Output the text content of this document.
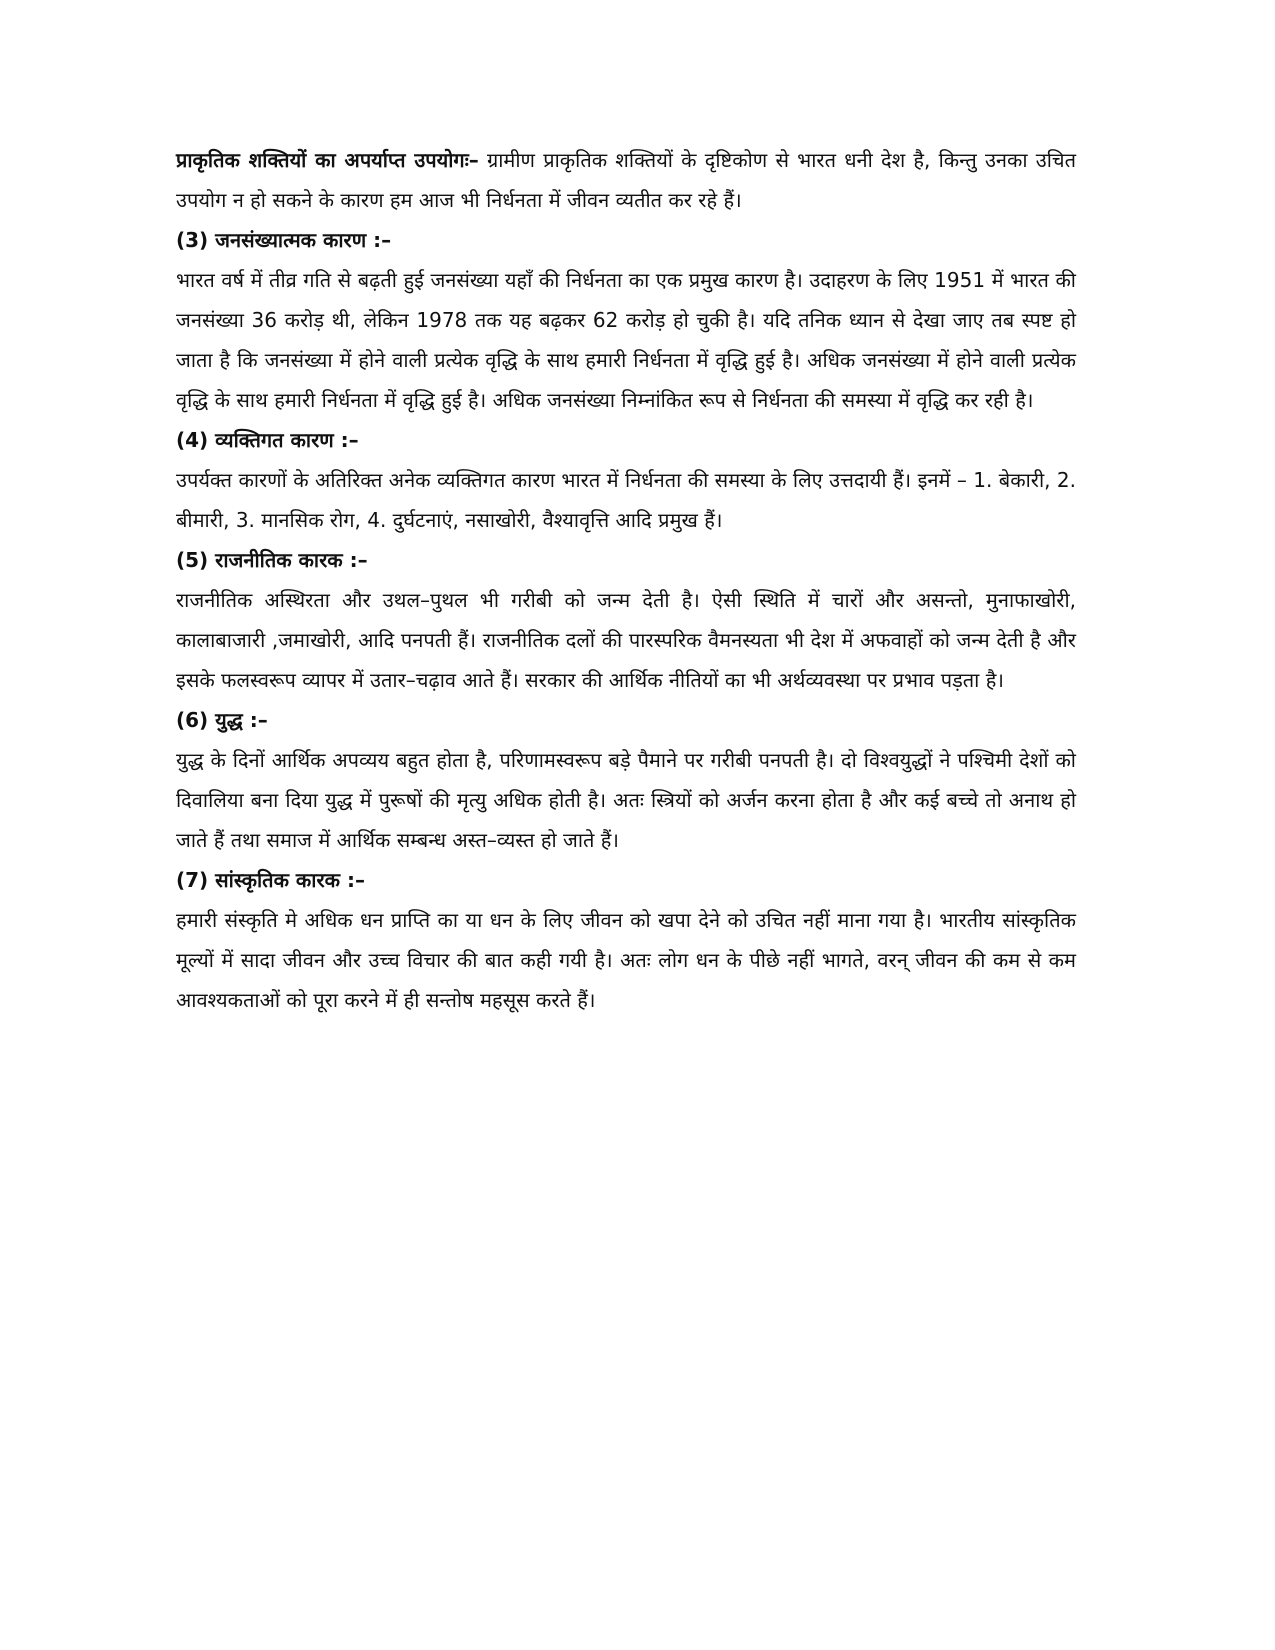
प्राकृतिक शक्तियों का अपर्याप्त उपयोगः– ग्रामीण प्राकृतिक शक्तियों के दृष्टिकोण से भारत धनी देश है, किन्तु उनका उचित उपयोग न हो सकने के कारण हम आज भी निर्धनता में जीवन व्यतीत कर रहे हैं।

(3) जनसंख्यात्मक कारण :–

भारत वर्ष में तीव्र गति से बढ़ती हुई जनसंख्या यहाँ की निर्धनता का एक प्रमुख कारण है। उदाहरण के लिए 1951 में भारत की जनसंख्या 36 करोड़ थी, लेकिन 1978 तक यह बढ़कर 62 करोड़ हो चुकी है। यदि तनिक ध्यान से देखा जाए तब स्पष्ट हो जाता है कि जनसंख्या में होने वाली प्रत्येक वृद्धि के साथ हमारी निर्धनता में वृद्धि हुई है। अधिक जनसंख्या में होने वाली प्रत्येक वृद्धि के साथ हमारी निर्धनता में वृद्धि हुई है। अधिक जनसंख्या निम्नांकित रूप से निर्धनता की समस्या में वृद्धि कर रही है।

(4) व्यक्तिगत कारण :–

उपर्यक्त कारणों के अतिरिक्त अनेक व्यक्तिगत कारण भारत में निर्धनता की समस्या के लिए उत्तदायी हैं। इनमें – 1. बेकारी, 2. बीमारी, 3. मानसिक रोग, 4. दुर्घटनाएं, नसाखोरी, वैश्यावृत्ति आदि प्रमुख हैं।

(5) राजनीतिक कारक :–

राजनीतिक अस्थिरता और उथल–पुथल भी गरीबी को जन्म देती है। ऐसी स्थिति में चारों और असन्तो, मुनाफाखोरी, कालाबाजारी ,जमाखोरी, आदि पनपती हैं। राजनीतिक दलों की पारस्परिक वैमनस्यता भी देश में अफवाहों को जन्म देती है और इसके फलस्वरूप व्यापर में उतार–चढ़ाव आते हैं। सरकार की आर्थिक नीतियों का भी अर्थव्यवस्था पर प्रभाव पड़ता है।

(6) युद्ध :–

युद्ध के दिनों आर्थिक अपव्यय बहुत होता है, परिणामस्वरूप बड़े पैमाने पर गरीबी पनपती है। दो विश्वयुद्धों ने पश्चिमी देशों को दिवालिया बना दिया युद्ध में पुरूषों की मृत्यु अधिक होती है। अतः स्त्रियों को अर्जन करना होता है और कई बच्चे तो अनाथ हो जाते हैं तथा समाज में आर्थिक सम्बन्ध अस्त–व्यस्त हो जाते हैं।

(7) सांस्कृतिक कारक :–

हमारी संस्कृति मे अधिक धन प्राप्ति का या धन के लिए जीवन को खपा देने को उचित नहीं माना गया है। भारतीय सांस्कृतिक मूल्यों में सादा जीवन और उच्च विचार की बात कही गयी है। अतः लोग धन के पीछे नहीं भागते, वरन् जीवन की कम से कम आवश्यकताओं को पूरा करने में ही सन्तोष महसूस करते हैं।
